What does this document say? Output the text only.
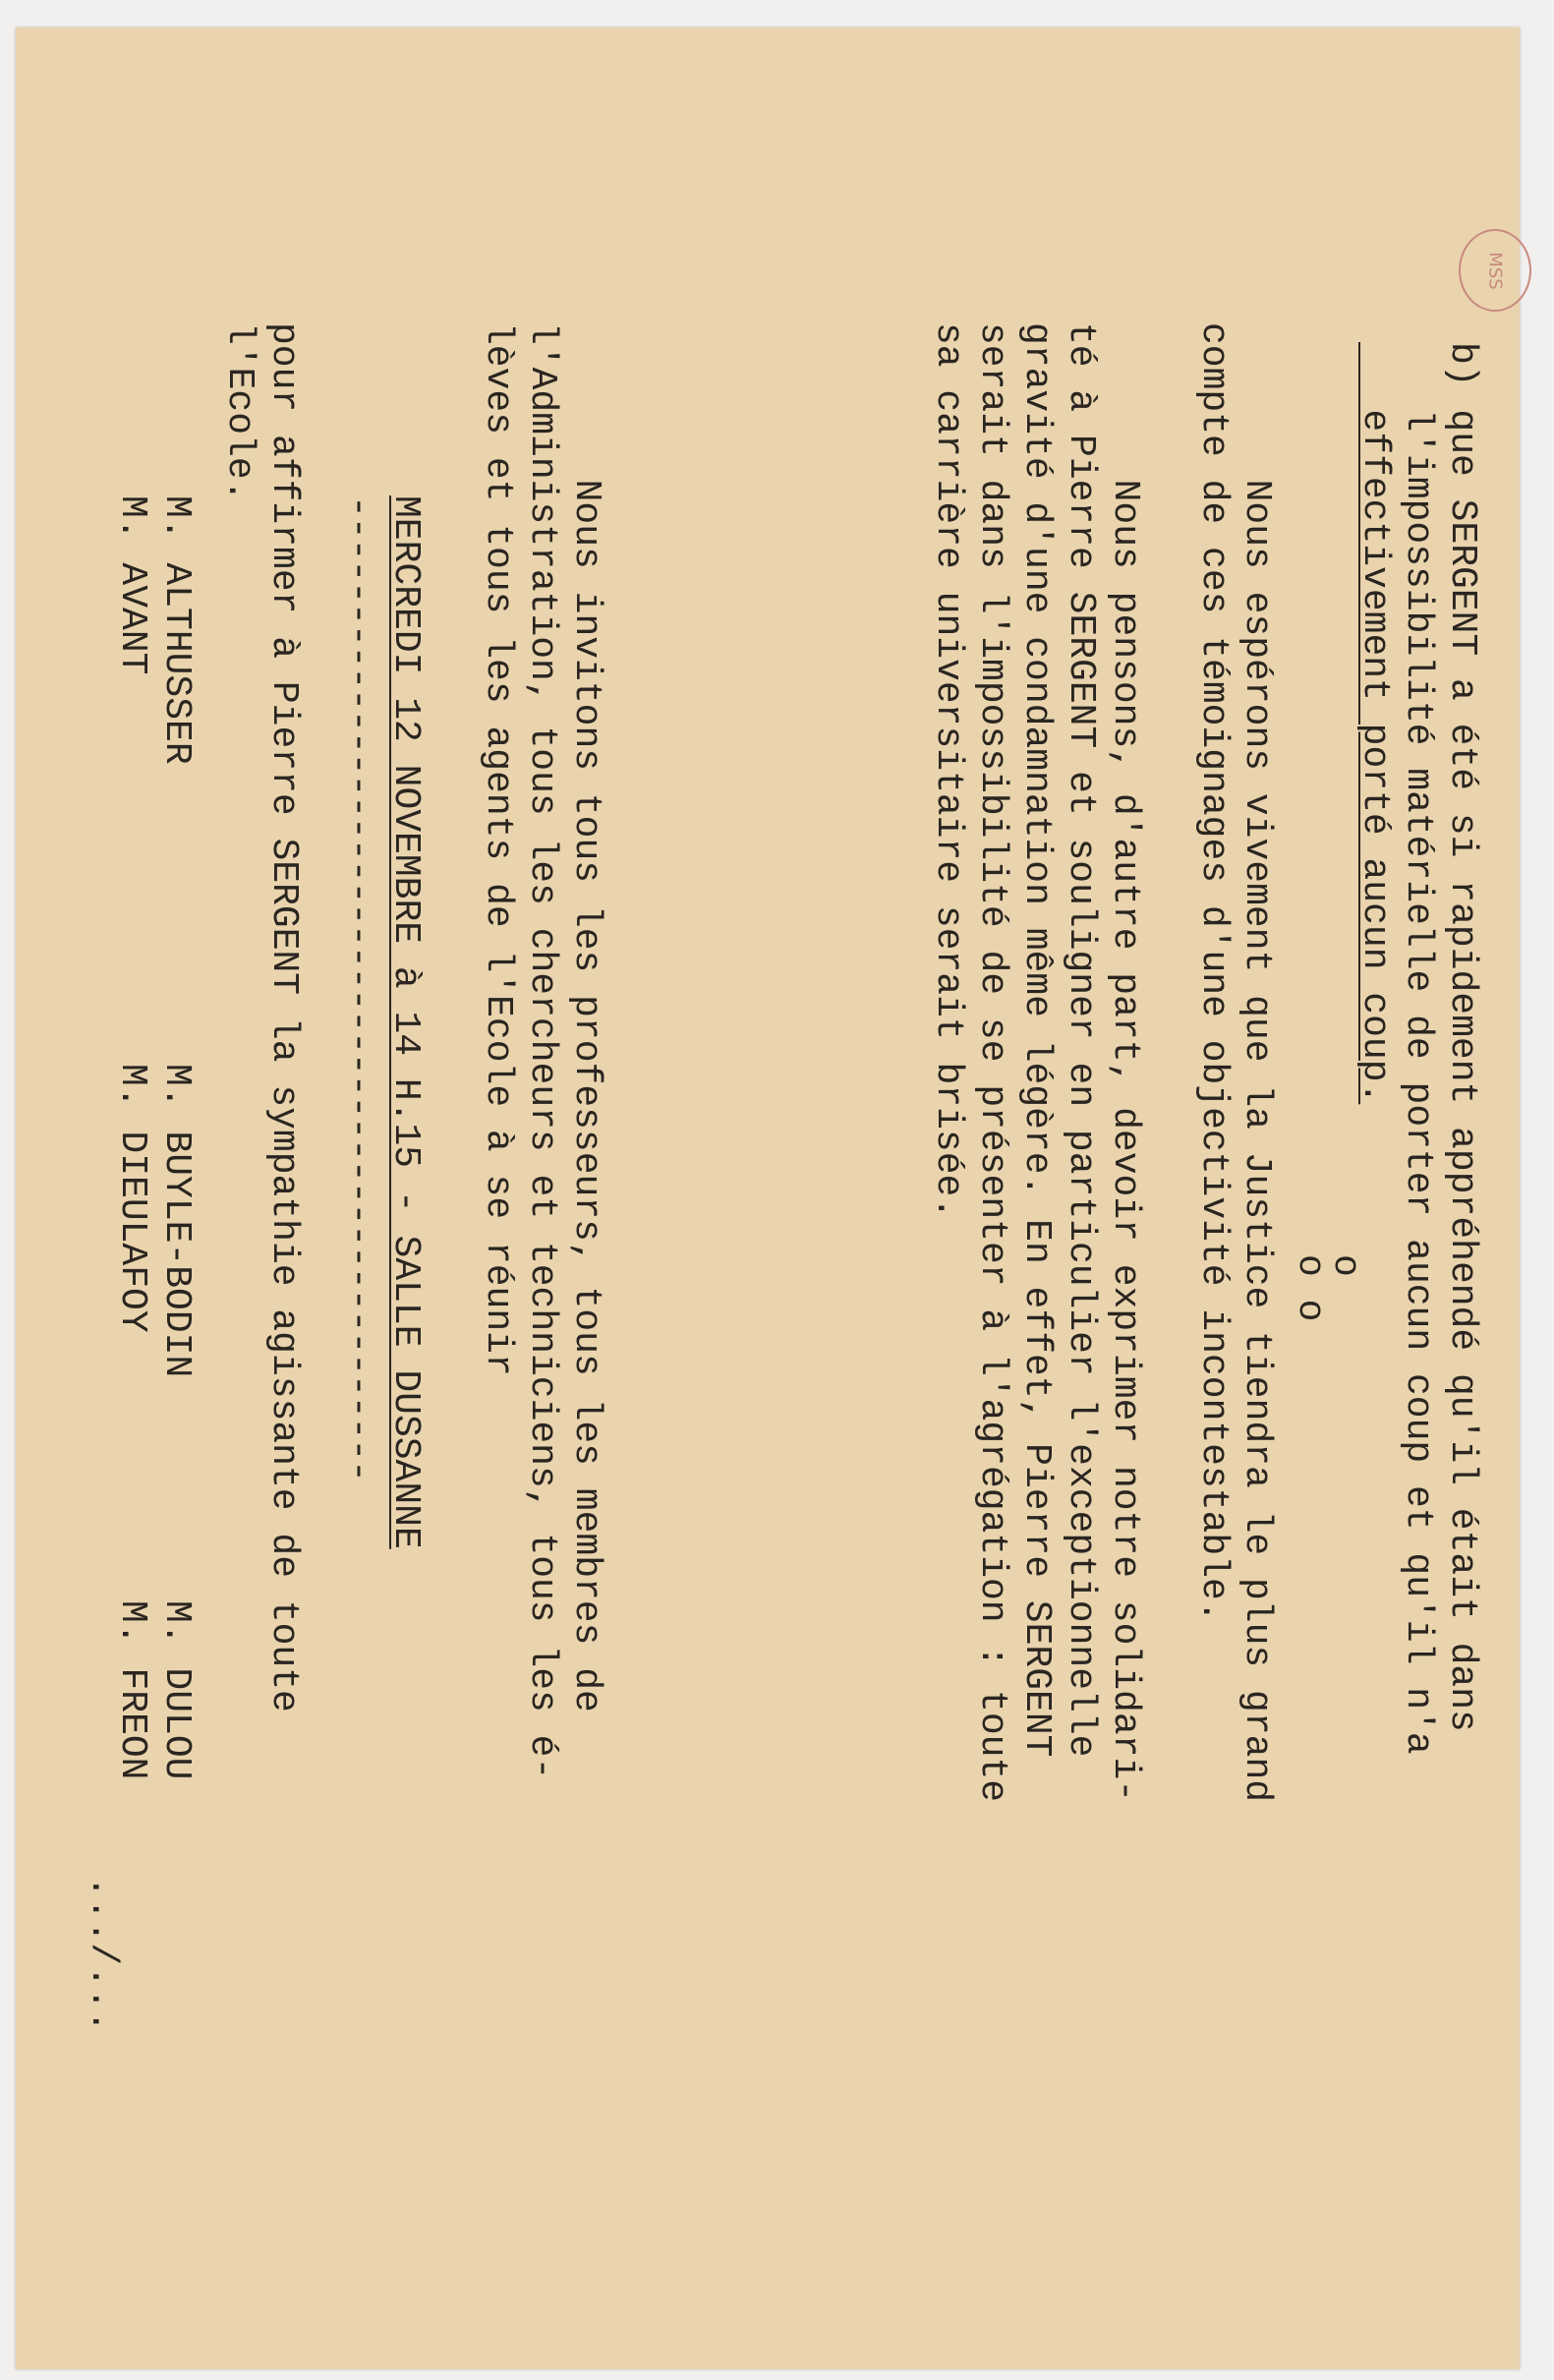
MSS
b) que SERGENT a été si rapidement appréhendé qu'il était dans
l'impossibilité matérielle de porter aucun coup et qu'il n'a
effectivement porté aucun coup.
o
o o
Nous espérons vivement que la Justice tiendra le plus grand
compte de ces témoignages d'une objectivité incontestable.
Nous pensons, d'autre part, devoir exprimer notre solidari-
té à Pierre SERGENT et souligner en particulier l'exceptionnelle
gravité d'une condamnation même légère. En effet, Pierre SERGENT
serait dans l'impossibilité de se présenter à l'agrégation : toute
sa carrière universitaire serait brisée.
Nous invitons tous les professeurs, tous les membres de
l'Administration, tous les chercheurs et techniciens, tous les é-
lèves et tous les agents de l'Ecole à se réunir
MERCREDI 12 NOVEMBRE à 14 H.15 - SALLE DUSSANNE
----------------------------------------------
pour affirmer à Pierre SERGENT la sympathie agissante de toute
l'Ecole.
M. ALTHUSSER
M. AVANT
M. BUYLE-BODIN
M. DIEULAFOY
M. DULOU
M. FREON
.../...
